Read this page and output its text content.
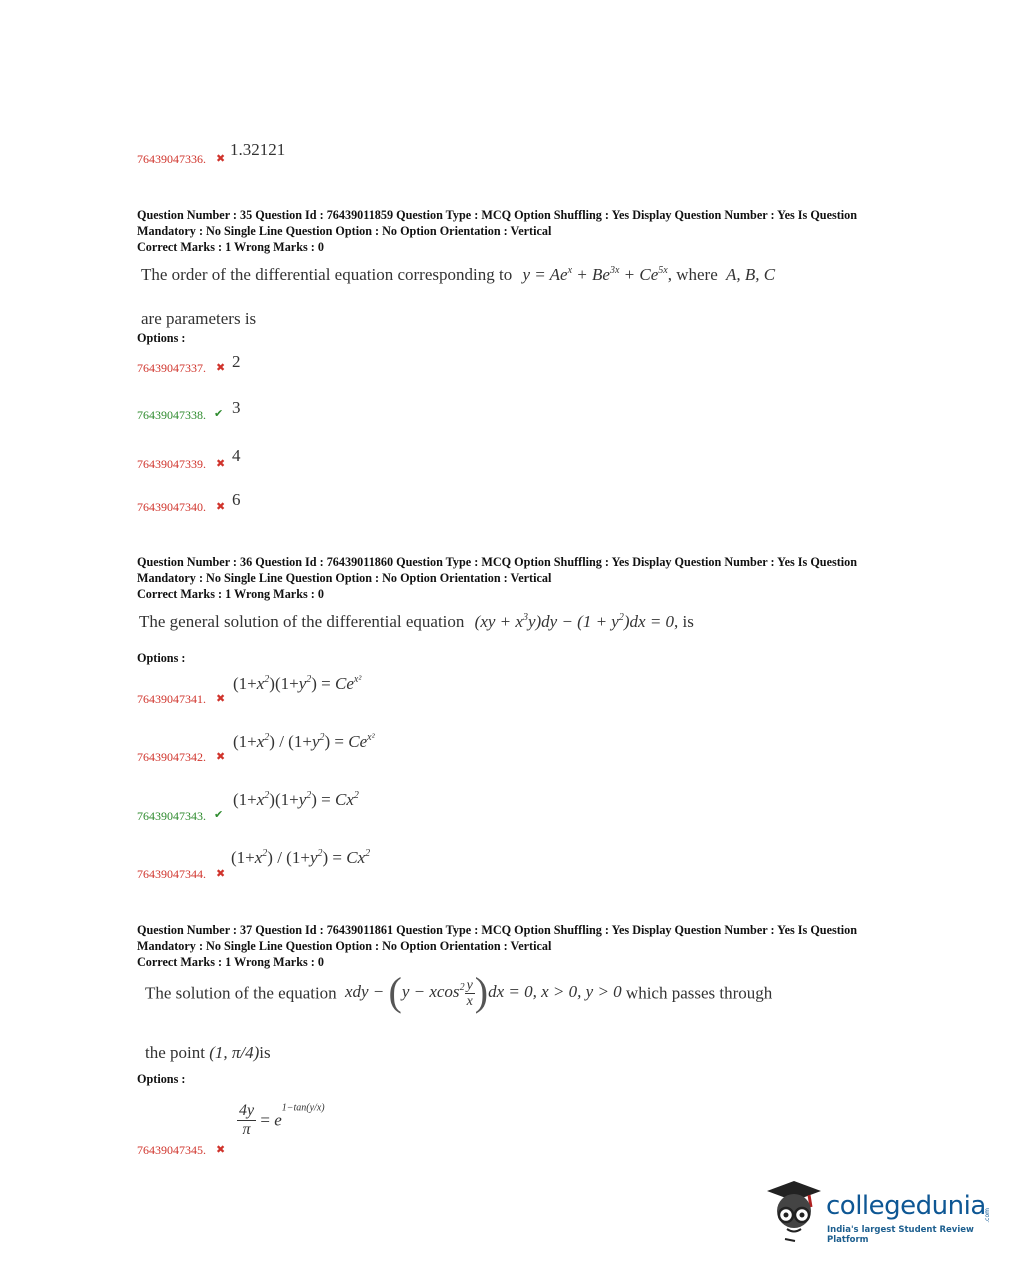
76439047336. ✖ 1.32121
Question Number : 35 Question Id : 76439011859 Question Type : MCQ Option Shuffling : Yes Display Question Number : Yes Is Question Mandatory : No Single Line Question Option : No Option Orientation : Vertical
Correct Marks : 1 Wrong Marks : 0
The order of the differential equation corresponding to $y = Ae^x + Be^{3x} + Ce^{5x}$, where A, B, C
are parameters is
Options :
76439047337. ✖ 2
76439047338. ✔ 3
76439047339. ✖ 4
76439047340. ✖ 6
Question Number : 36 Question Id : 76439011860 Question Type : MCQ Option Shuffling : Yes Display Question Number : Yes Is Question Mandatory : No Single Line Question Option : No Option Orientation : Vertical
Correct Marks : 1 Wrong Marks : 0
The general solution of the differential equation $(xy + x^3y)dy - (1 + y^2)dx = 0$, is
Options :
76439047341. ✖
$(1+x^2)(1+y^2) = Ce^{x^2}$
76439047342. ✖
$(1+x^2) / (1+y^2) = Ce^{x^2}$
76439047343. ✔
$(1+x^2)(1+y^2) = Cx^2$
76439047344. ✖
$(1+x^2) / (1+y^2) = Cx^2$
Question Number : 37 Question Id : 76439011861 Question Type : MCQ Option Shuffling : Yes Display Question Number : Yes Is Question Mandatory : No Single Line Question Option : No Option Orientation : Vertical
Correct Marks : 1 Wrong Marks : 0
The solution of the equation xdy − $(y - xcos^2 \frac{y}{x} )dx = 0$, x > 0, y > 0 which passes through
the point (1, π/4)is
Options :
76439047345. ✖
$\frac{4y}{\pi} = e^{1-tan(y/x)}$
collegedunia
.com
India's largest Student Review Platform
